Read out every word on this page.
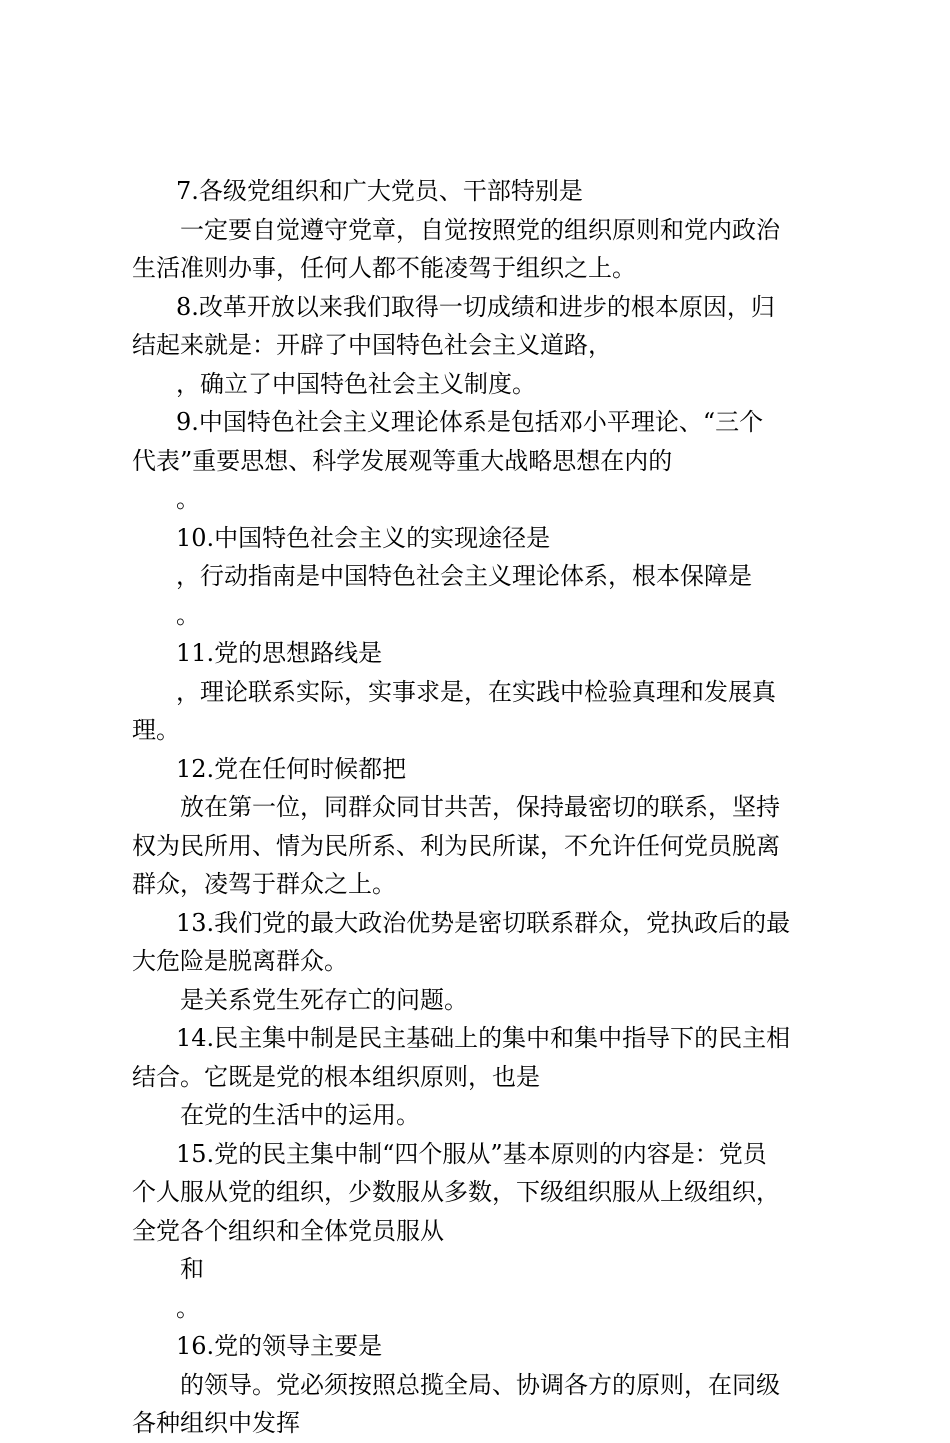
7.各级党组织和广大党员、干部特别是
一定要自觉遵守党章，自觉按照党的组织原则和党内政治
生活准则办事，任何人都不能凌驾于组织之上。
8.改革开放以来我们取得一切成绩和进步的根本原因，归
结起来就是：开辟了中国特色社会主义道路，
，确立了中国特色社会主义制度。
9.中国特色社会主义理论体系是包括邓小平理论、“三个
代表”重要思想、科学发展观等重大战略思想在内的
。
10.中国特色社会主义的实现途径是
，行动指南是中国特色社会主义理论体系，根本保障是
。
11.党的思想路线是
，理论联系实际，实事求是，在实践中检验真理和发展真
理。
12.党在任何时候都把
放在第一位，同群众同甘共苦，保持最密切的联系，坚持
权为民所用、情为民所系、利为民所谋，不允许任何党员脱离
群众，凌驾于群众之上。
13.我们党的最大政治优势是密切联系群众，党执政后的最
大危险是脱离群众。
是关系党生死存亡的问题。
14.民主集中制是民主基础上的集中和集中指导下的民主相
结合。它既是党的根本组织原则，也是
在党的生活中的运用。
15.党的民主集中制“四个服从”基本原则的内容是：党员
个人服从党的组织，少数服从多数，下级组织服从上级组织，
全党各个组织和全体党员服从
和
。
16.党的领导主要是
的领导。党必须按照总揽全局、协调各方的原则，在同级
各种组织中发挥
